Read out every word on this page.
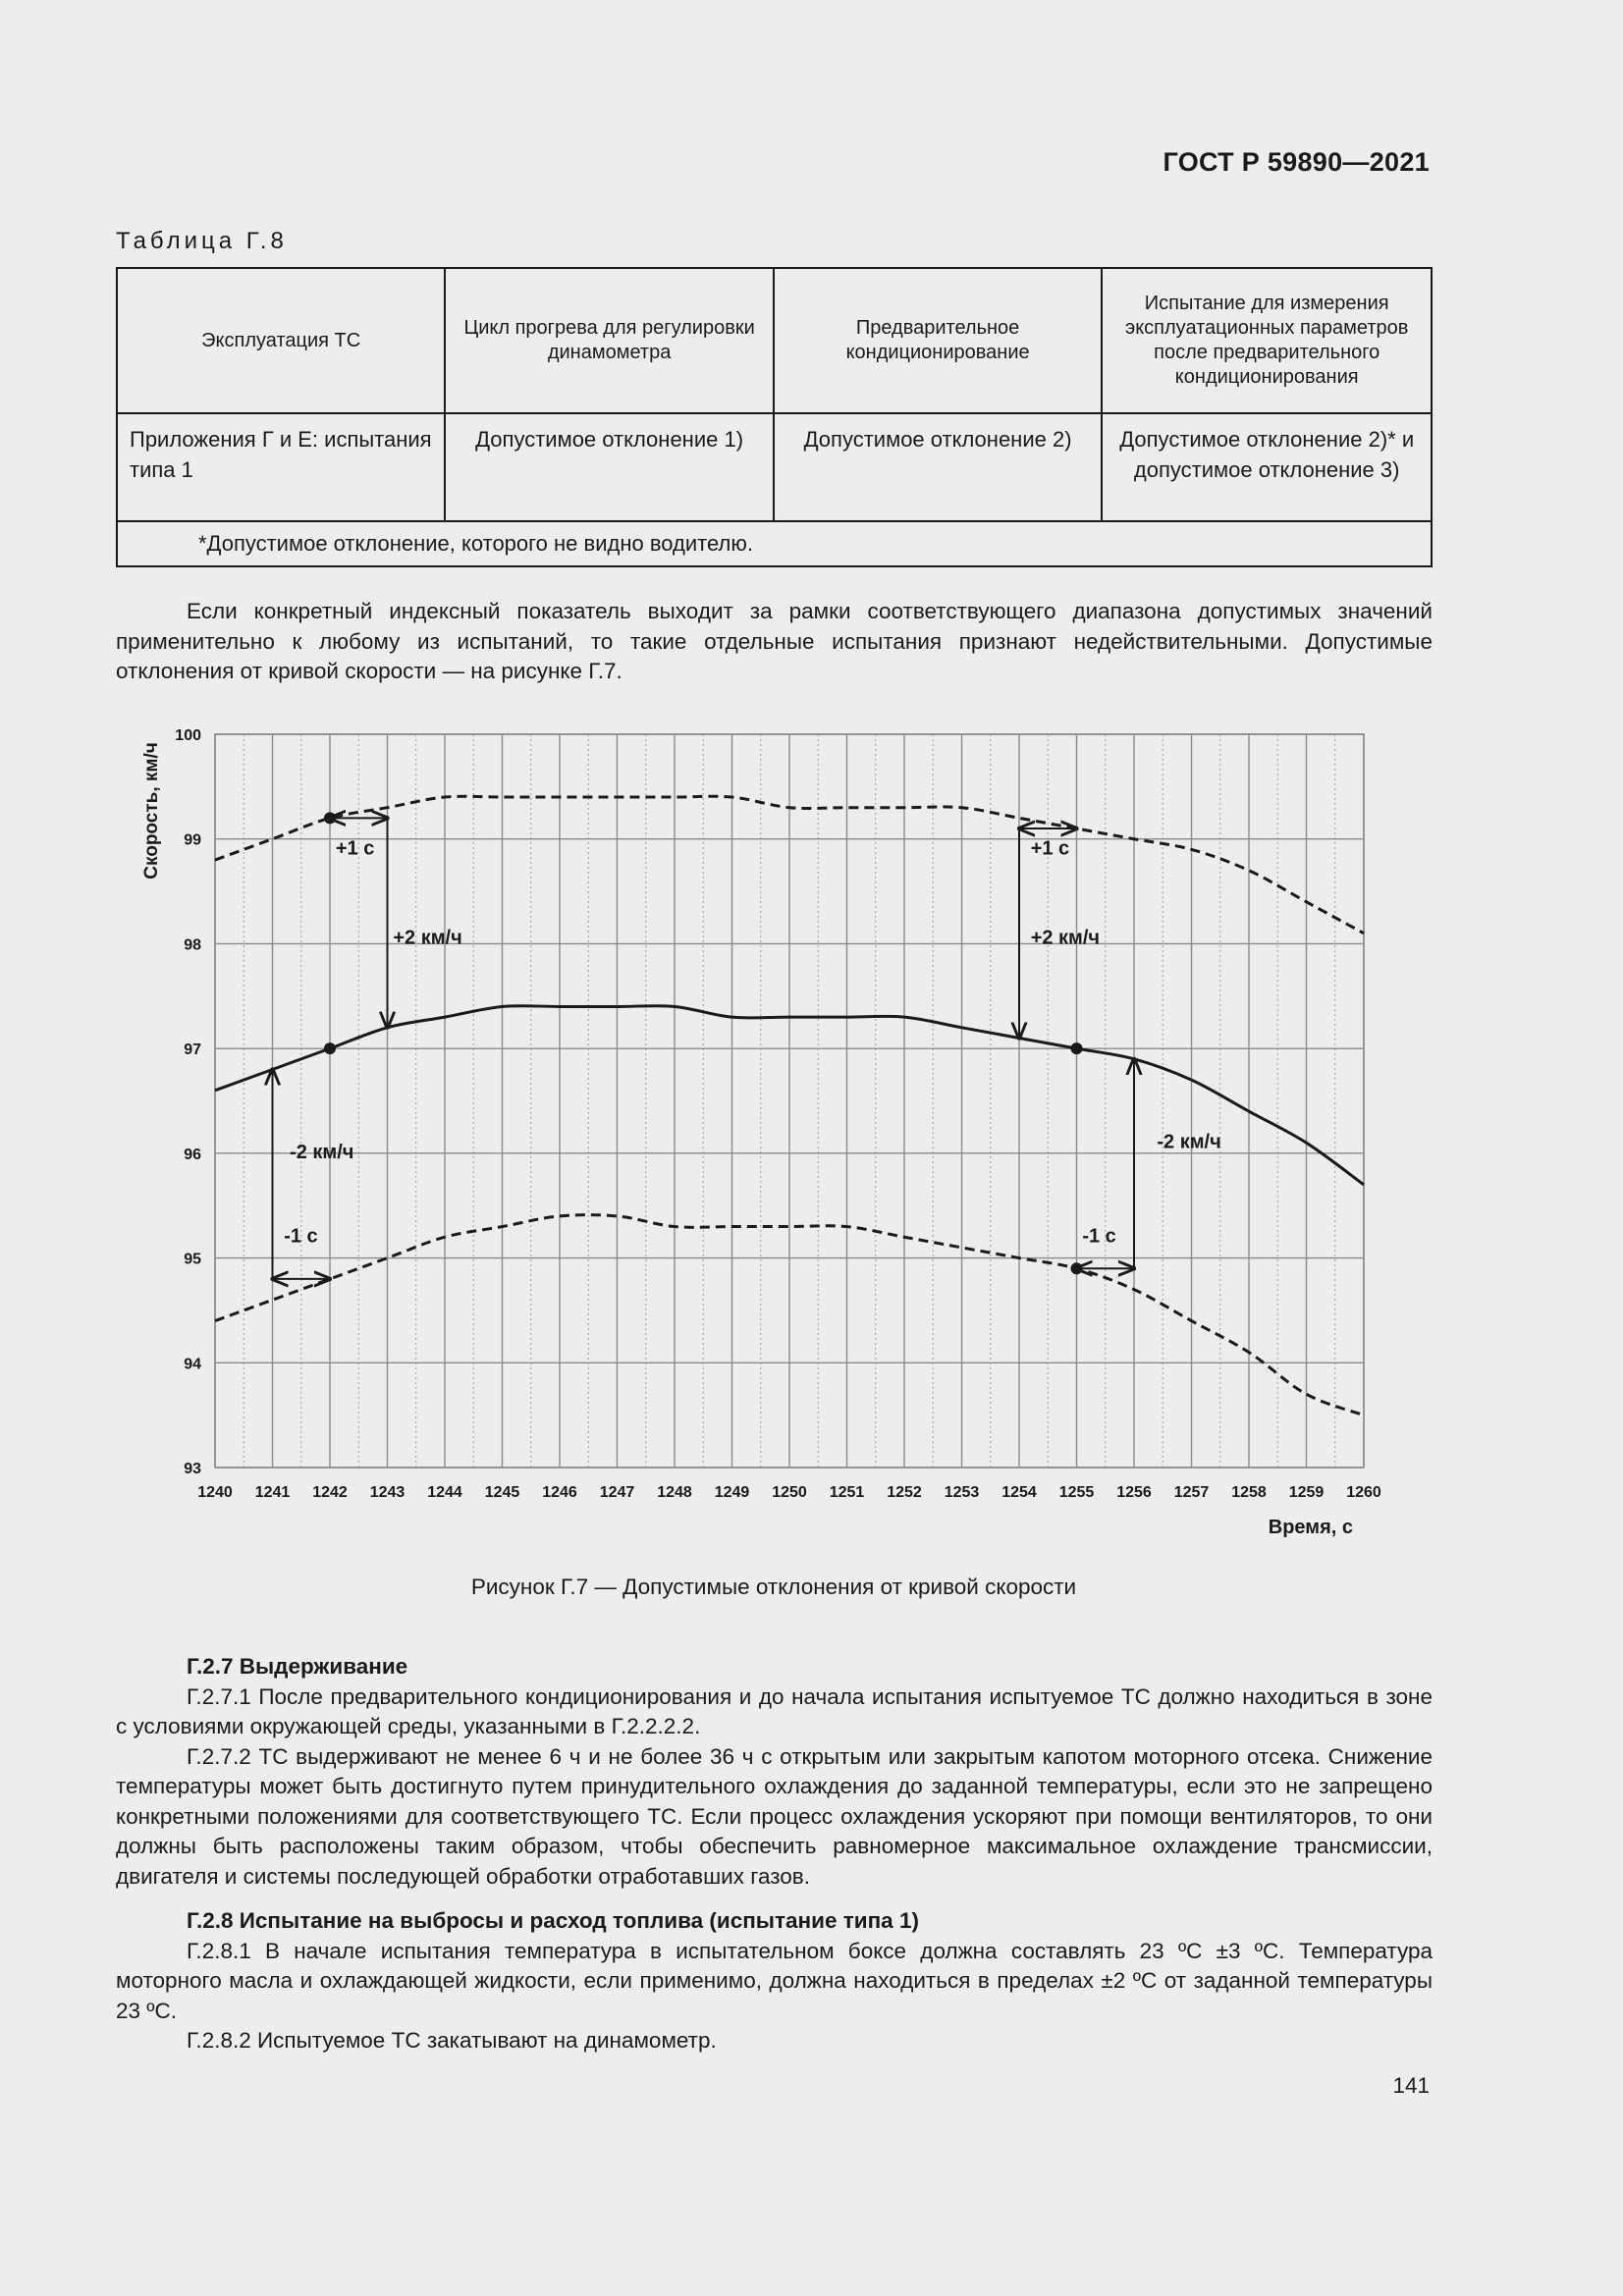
ГОСТ Р 59890—2021
Таблица Г.8
Эксплуатация ТС	Цикл прогрева для регулировки динамометра	Предварительное кондиционирование	Испытание для измерения эксплуатационных параметров после предварительного кондиционирования
Приложения Г и Е: испытания типа 1	Допустимое отклонение 1)	Допустимое отклонение 2)	Допустимое отклонение 2)* и допустимое отклонение 3)
*Допустимое отклонение, которого не видно водителю.			
Если конкретный индексный показатель выходит за рамки соответствующего диапазона допустимых значений применительно к любому из испытаний, то такие отдельные испытания признают недействительными. Допустимые отклонения от кривой скорости — на рисунке Г.7.
1240 1241 1242 1243 1244 1245 1246 1247 1248 1249 1250 1251 1252 1253 1254 1255 1256 1257 1258 1259 1260
93
94
95
96
97
98
99
100
+1 с
+2 км/ч
+1 с
+2 км/ч
-2 км/ч
-1 с
-2 км/ч
-1 с
Скорость, км/ч
Время, с
Рисунок Г.7 — Допустимые отклонения от кривой скорости
Г.2.7 Выдерживание
Г.2.7.1 После предварительного кондиционирования и до начала испытания испытуемое ТС должно находиться в зоне с условиями окружающей среды, указанными в Г.2.2.2.2.
Г.2.7.2 ТС выдерживают не менее 6 ч и не более 36 ч с открытым или закрытым капотом моторного отсека. Снижение температуры может быть достигнуто путем принудительного охлаждения до заданной температуры, если это не запрещено конкретными положениями для соответствующего ТС. Если процесс охлаждения ускоряют при помощи вентиляторов, то они должны быть расположены таким образом, чтобы обеспечить равномерное максимальное охлаждение трансмиссии, двигателя и системы последующей обработки отработавших газов.
Г.2.8 Испытание на выбросы и расход топлива (испытание типа 1)
Г.2.8.1 В начале испытания температура в испытательном боксе должна составлять 23 ºС ±3 ºС. Температура моторного масла и охлаждающей жидкости, если применимо, должна находиться в пределах ±2 ºС от заданной температуры 23 ºС.
Г.2.8.2 Испытуемое ТС закатывают на динамометр.
141
